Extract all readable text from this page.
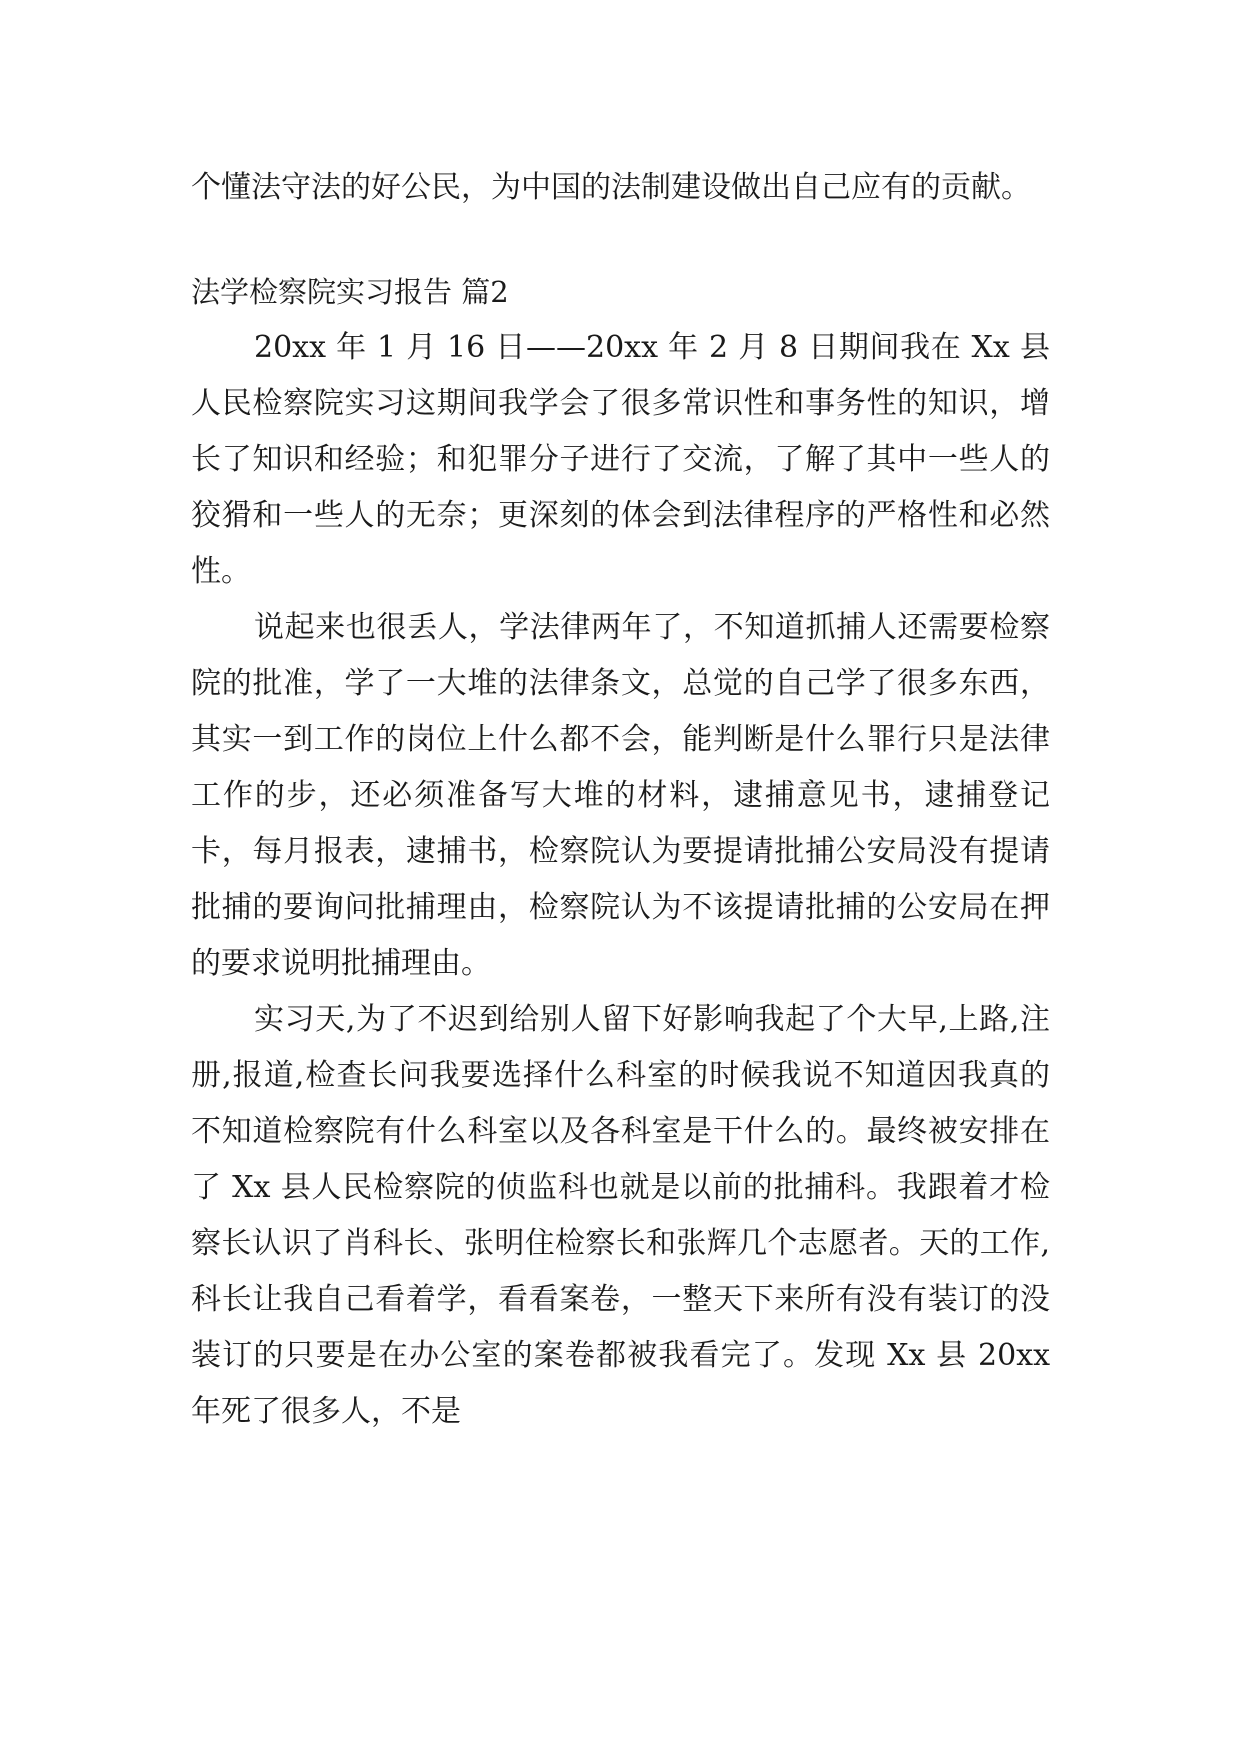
个懂法守法的好公民，为中国的法制建设做出自己应有的贡献。

法学检察院实习报告 篇2

20xx 年 1 月 16 日——20xx 年 2 月 8 日期间我在 Xx 县人民检察院实习这期间我学会了很多常识性和事务性的知识，增长了知识和经验；和犯罪分子进行了交流，了解了其中一些人的狡猾和一些人的无奈；更深刻的体会到法律程序的严格性和必然性。

说起来也很丢人，学法律两年了，不知道抓捕人还需要检察院的批准，学了一大堆的法律条文，总觉的自己学了很多东西，其实一到工作的岗位上什么都不会，能判断是什么罪行只是法律工作的步，还必须准备写大堆的材料，逮捕意见书，逮捕登记卡，每月报表，逮捕书，检察院认为要提请批捕公安局没有提请批捕的要询问批捕理由，检察院认为不该提请批捕的公安局在押的要求说明批捕理由。

实习天,为了不迟到给别人留下好影响我起了个大早,上路,注册,报道,检查长问我要选择什么科室的时候我说不知道因我真的不知道检察院有什么科室以及各科室是干什么的。最终被安排在了 Xx 县人民检察院的侦监科也就是以前的批捕科。我跟着才检察长认识了肖科长、张明住检察长和张辉几个志愿者。天的工作,科长让我自己看着学，看看案卷，一整天下来所有没有装订的没装订的只要是在办公室的案卷都被我看完了。发现 Xx 县 20xx 年死了很多人，不是
